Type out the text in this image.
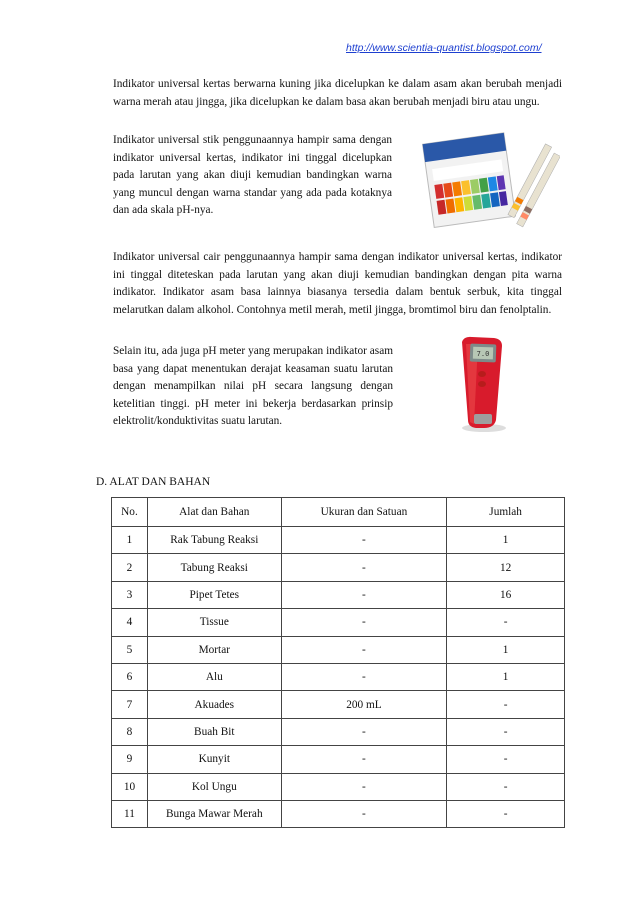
http://www.scientia-quantist.blogspot.com/

Indikator universal kertas berwarna kuning jika dicelupkan ke dalam asam akan berubah menjadi warna merah atau jingga, jika dicelupkan ke dalam basa akan berubah menjadi biru atau ungu.

Indikator universal stik penggunaannya hampir sama dengan indikator universal kertas, indikator ini tinggal dicelupkan pada larutan yang akan diuji kemudian bandingkan warna yang muncul dengan warna standar yang ada pada kotaknya dan ada skala pH-nya.

Indikator universal cair penggunaannya hampir sama dengan indikator universal kertas, indikator ini tinggal diteteskan pada larutan yang akan diuji kemudian bandingkan dengan pita warna indikator. Indikator asam basa lainnya biasanya tersedia dalam bentuk serbuk, kita tinggal melarutkan dalam alkohol. Contohnya metil merah, metil jingga, bromtimol biru dan fenolptalin.

Selain itu, ada juga pH meter yang merupakan indikator asam basa yang dapat menentukan derajat keasaman suatu larutan dengan menampilkan nilai pH secara langsung dengan ketelitian tinggi. pH meter ini bekerja berdasarkan prinsip elektrolit/konduktivitas suatu larutan.

7.0
D. ALAT DAN BAHAN
No.	Alat dan Bahan	Ukuran dan Satuan	Jumlah
1	Rak Tabung Reaksi	-	1
2	Tabung Reaksi	-	12
3	Pipet Tetes	-	16
4	Tissue	-	-
5	Mortar	-	1
6	Alu	-	1
7	Akuades	200 mL	-
8	Buah Bit	-	-
9	Kunyit	-	-
10	Kol Ungu	-	-
11	Bunga Mawar Merah	-	-
